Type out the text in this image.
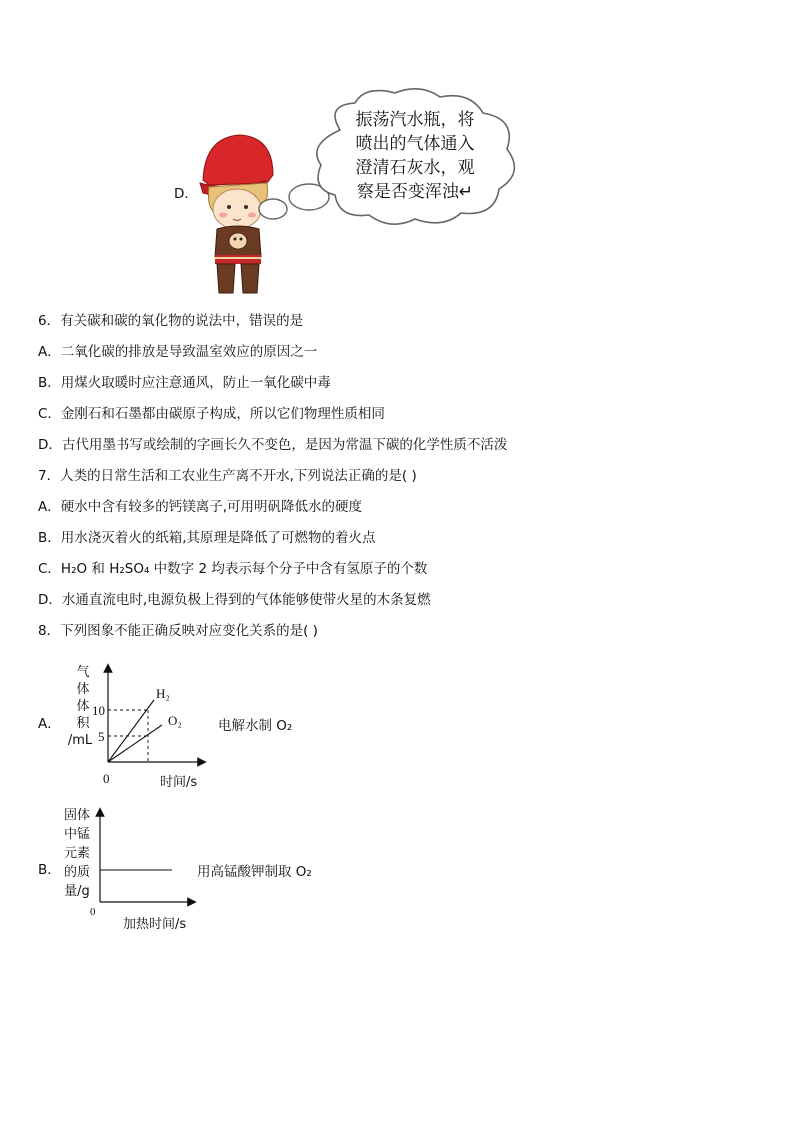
D．
振荡汽水瓶，将
喷出的气体通入
澄清石灰水，观
察是否变浑浊↵
6．有关碳和碳的氧化物的说法中，错误的是
A．二氧化碳的排放是导致温室效应的原因之一
B．用煤火取暖时应注意通风，防止一氧化碳中毒
C．金刚石和石墨都由碳原子构成，所以它们物理性质相同
D．古代用墨书写或绘制的字画长久不变色，是因为常温下碳的化学性质不活泼
7．人类的日常生活和工农业生产离不开水,下列说法正确的是( )
A．硬水中含有较多的钙镁离子,可用明矾降低水的硬度
B．用水浇灭着火的纸箱,其原理是降低了可燃物的着火点
C．H₂O 和 H₂SO₄ 中数字 2 均表示每个分子中含有氢原子的个数
D．水通直流电时,电源负极上得到的气体能够使带火星的木条复燃
8．下列图象不能正确反映对应变化关系的是( )
A．
气
体
体
积
/mL
10
5
0
H₂
O₂
时间/s
电解水制 O₂
B．
固体
中锰
元素
的质
量/g
0
加热时间/s
用高锰酸钾制取 O₂
